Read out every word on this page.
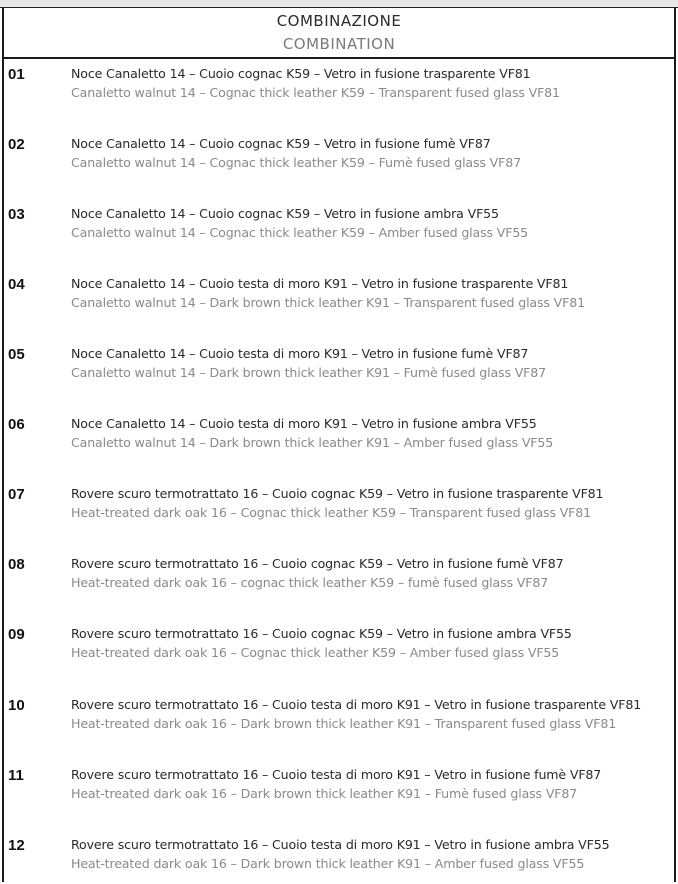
COMBINAZIONE
COMBINATION
01	Noce Canaletto 14 – Cuoio cognac K59 – Vetro in fusione trasparente VF81
Canaletto walnut 14 – Cognac thick leather K59 – Transparent fused glass VF81
02	Noce Canaletto 14 – Cuoio cognac K59 – Vetro in fusione fumè VF87
Canaletto walnut 14 – Cognac thick leather K59 – Fumè fused glass VF87
03	Noce Canaletto 14 – Cuoio cognac K59 – Vetro in fusione ambra VF55
Canaletto walnut 14 – Cognac thick leather K59 – Amber fused glass VF55
04	Noce Canaletto 14 – Cuoio testa di moro K91 – Vetro in fusione trasparente VF81
Canaletto walnut 14 – Dark brown thick leather K91 – Transparent fused glass VF81
05	Noce Canaletto 14 – Cuoio testa di moro K91 – Vetro in fusione fumè VF87
Canaletto walnut 14 – Dark brown thick leather K91 – Fumè fused glass VF87
06	Noce Canaletto 14 – Cuoio testa di moro K91 – Vetro in fusione ambra VF55
Canaletto walnut 14 – Dark brown thick leather K91 – Amber fused glass VF55
07	Rovere scuro termotrattato 16 – Cuoio cognac K59 – Vetro in fusione trasparente VF81
Heat-treated dark oak 16 – Cognac thick leather K59 – Transparent fused glass VF81
08	Rovere scuro termotrattato 16 – Cuoio cognac K59 – Vetro in fusione fumè VF87
Heat-treated dark oak 16 – cognac thick leather K59 – fumè fused glass VF87
09	Rovere scuro termotrattato 16 – Cuoio cognac K59 – Vetro in fusione ambra VF55
Heat-treated dark oak 16 – Cognac thick leather K59 – Amber fused glass VF55
10	Rovere scuro termotrattato 16 – Cuoio testa di moro K91 – Vetro in fusione trasparente VF81
Heat-treated dark oak 16 – Dark brown thick leather K91 – Transparent fused glass VF81
11	Rovere scuro termotrattato 16 – Cuoio testa di moro K91 – Vetro in fusione fumè VF87
Heat-treated dark oak 16 – Dark brown thick leather K91 – Fumè fused glass VF87
12	Rovere scuro termotrattato 16 – Cuoio testa di moro K91 – Vetro in fusione ambra VF55
Heat-treated dark oak 16 – Dark brown thick leather K91 – Amber fused glass VF55
